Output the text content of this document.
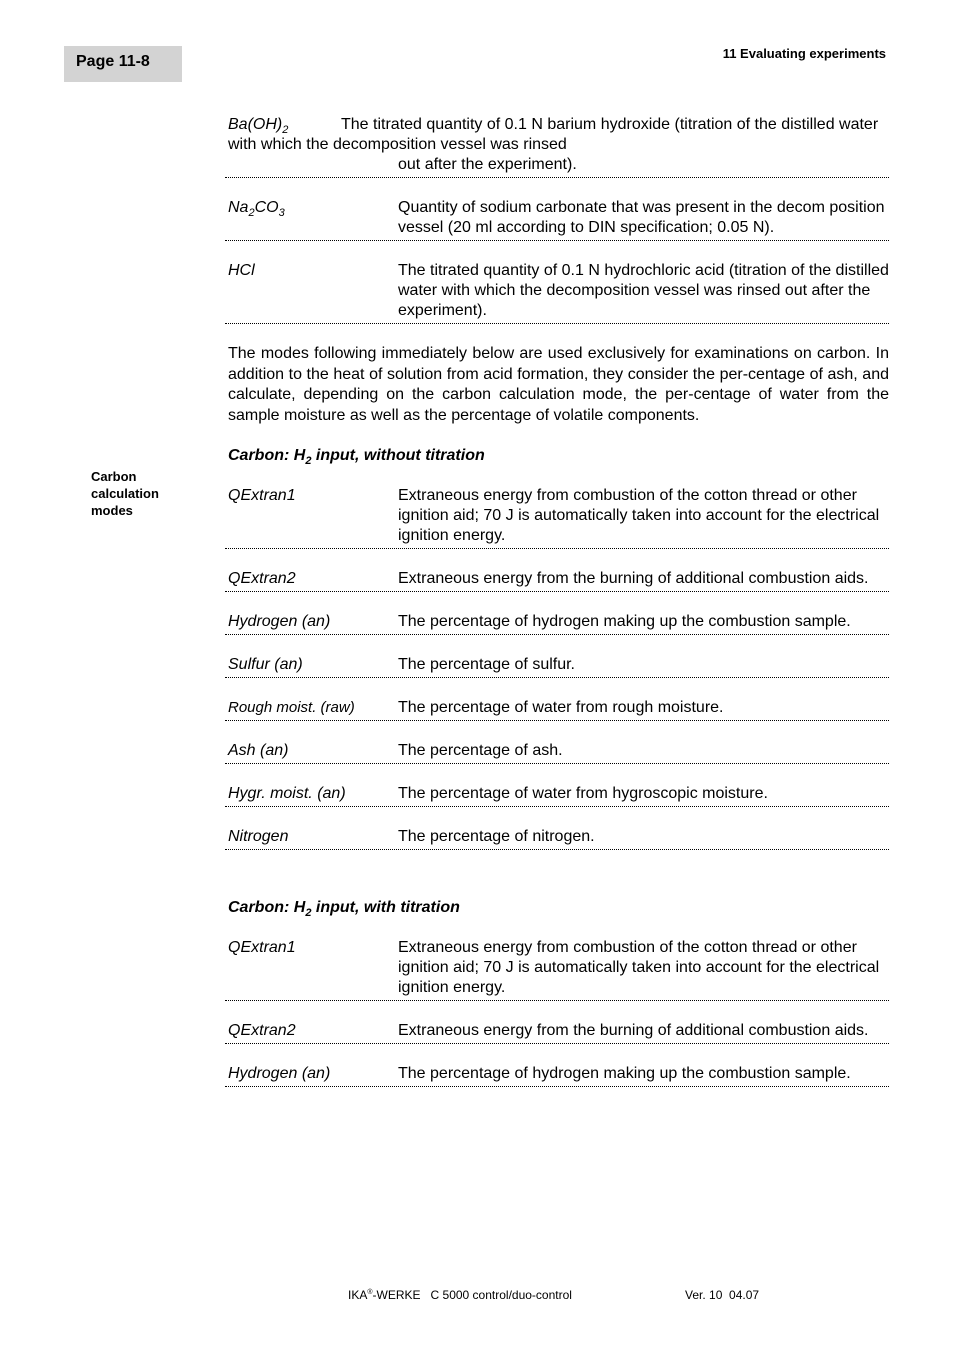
Page 11-8	11 Evaluating experiments
Carbon calculation modes
$Ba(OH)_2$	The titrated quantity of 0.1 N barium hydroxide (titration of the distilled water with which the decomposition vessel was rinsed
out after the experiment).
$Na_2CO_3$	Quantity of sodium carbonate that was present in the decom position vessel (20 ml according to DIN specification; 0.05 N).
HCl	The titrated quantity of 0.1 N hydrochloric acid (titration of the distilled water with which the decomposition vessel was rinsed out after the experiment).
The modes following immediately below are used exclusively for examinations on carbon. In addition to the heat of solution from acid formation, they consider the per-centage of ash, and calculate, depending on the carbon calculation mode, the per-centage of water from the sample moisture as well as the percentage of volatile components.
Carbon: $H_2$ input, without titration
QExtran1	Extraneous energy from combustion of the cotton thread or other ignition aid; 70 J is automatically taken into account for the electrical ignition energy.
QExtran2	Extraneous energy from the burning of additional combustion aids.
Hydrogen (an)	The percentage of hydrogen making up the combustion sample.
Sulfur (an)	The percentage of sulfur.
Rough moist. (raw)	The percentage of water from rough moisture.
Ash (an)	The percentage of ash.
Hygr. moist. (an)	The percentage of water from hygroscopic moisture.
Nitrogen	The percentage of nitrogen.
Carbon: $H_2$ input, with titration
QExtran1	Extraneous energy from combustion of the cotton thread or other ignition aid; 70 J is automatically taken into account for the electrical ignition energy.
QExtran2	Extraneous energy from the burning of additional combustion aids.
Hydrogen (an)	The percentage of hydrogen making up the combustion sample.
IKA®-WERKE   C 5000 control/duo-control	Ver. 10  04.07
